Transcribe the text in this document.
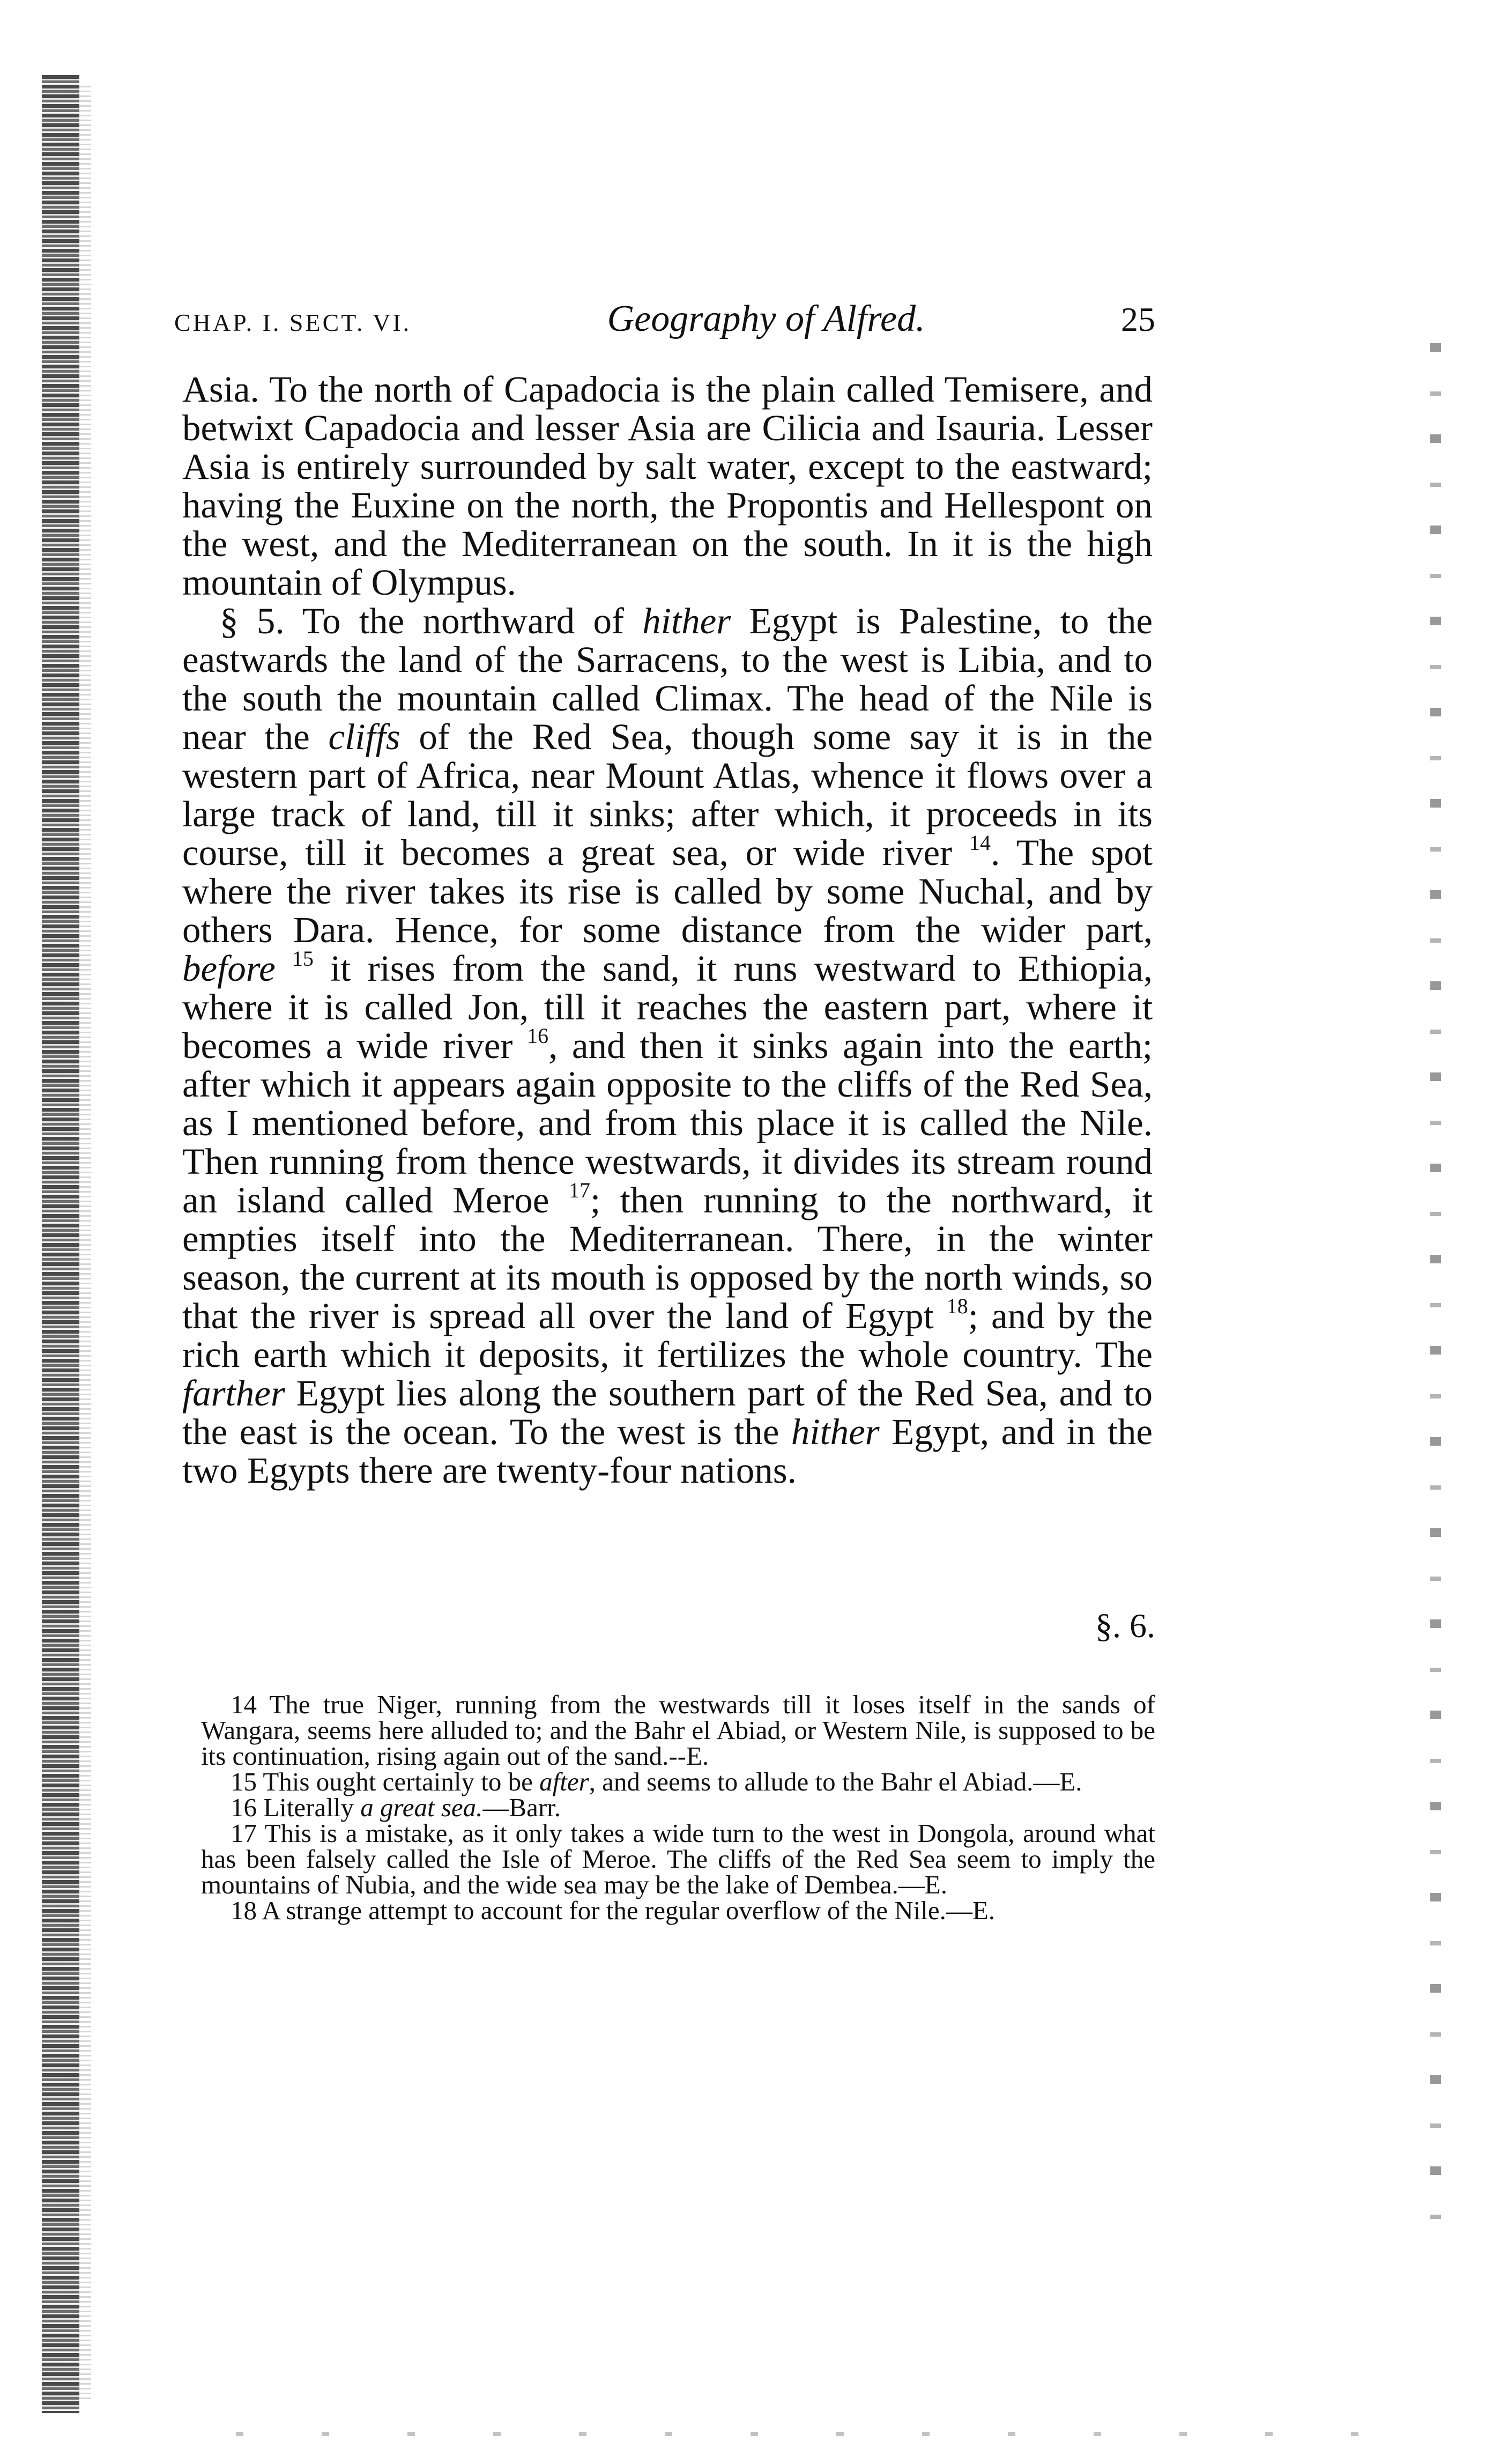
CHAP. I. SECT. VI.	Geography of Alfred.	25

Asia. To the north of Capadocia is the plain called Temisere, and betwixt Capadocia and lesser Asia are Cilicia and Isauria. Lesser Asia is entirely surrounded by salt water, except to the eastward; having the Euxine on the north, the Propontis and Hellespont on the west, and the Mediterranean on the south. In it is the high mountain of Olympus.

§ 5. To the northward of hither Egypt is Palestine, to the eastwards the land of the Sarracens, to the west is Libia, and to the south the mountain called Climax. The head of the Nile is near the cliffs of the Red Sea, though some say it is in the western part of Africa, near Mount Atlas, whence it flows over a large track of land, till it sinks; after which, it proceeds in its course, till it becomes a great sea, or wide river $^{14}$. The spot where the river takes its rise is called by some Nuchal, and by others Dara. Hence, for some distance from the wider part, before $^{15}$ it rises from the sand, it runs westward to Ethiopia, where it is called Jon, till it reaches the eastern part, where it becomes a wide river $^{16}$, and then it sinks again into the earth; after which it appears again opposite to the cliffs of the Red Sea, as I mentioned before, and from this place it is called the Nile. Then running from thence westwards, it divides its stream round an island called Meroe $^{17}$; then running to the northward, it empties itself into the Mediterranean. There, in the winter season, the current at its mouth is opposed by the north winds, so that the river is spread all over the land of Egypt $^{18}$; and by the rich earth which it deposits, it fertilizes the whole country. The farther Egypt lies along the southern part of the Red Sea, and to the east is the ocean. To the west is the hither Egypt, and in the two Egypts there are twenty-four nations.

§. 6.

14 The true Niger, running from the westwards till it loses itself in the sands of Wangara, seems here alluded to; and the Bahr el Abiad, or Western Nile, is supposed to be its continuation, rising again out of the sand.--E.

15 This ought certainly to be after, and seems to allude to the Bahr el Abiad.—E.

16 Literally a great sea.—Barr.

17 This is a mistake, as it only takes a wide turn to the west in Dongola, around what has been falsely called the Isle of Meroe. The cliffs of the Red Sea seem to imply the mountains of Nubia, and the wide sea may be the lake of Dembea.—E.

18 A strange attempt to account for the regular overflow of the Nile.—E.
